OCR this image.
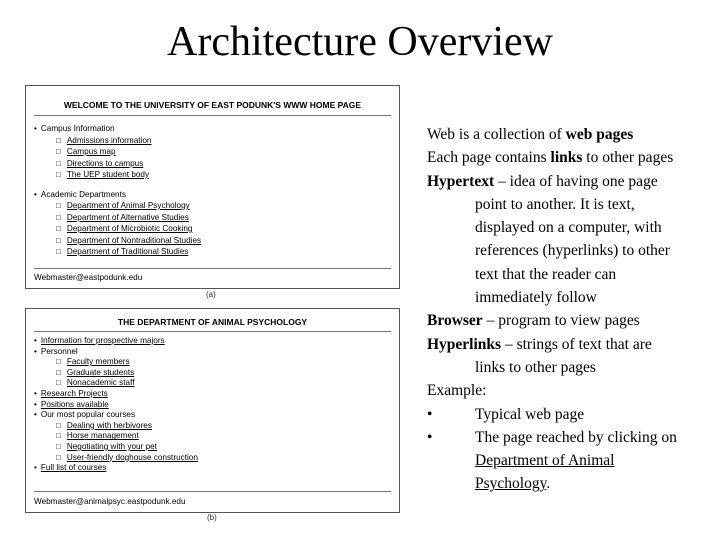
Architecture Overview
WELCOME TO THE UNIVERSITY OF EAST PODUNK'S WWW HOME PAGE
• Campus Information
□ Admissions information
□ Campus map
□ Directions to campus
□ The UEP student body
• Academic Departments
□ Department of Animal Psychology
□ Department of Alternative Studies
□ Department of Microbiotic Cooking
□ Department of Nontraditional Studies
□ Department of Traditional Studies
Webmaster@eastpodunk.edu
(a)
THE DEPARTMENT OF ANIMAL PSYCHOLOGY
• Information for prospective majors
• Personnel
□ Faculty members
□ Graduate students
□ Nonacademic staff
• Research Projects
• Positions available
• Our most popular courses
□ Dealing with herbivores
□ Horse management
□ Negotiating with your pet
□ User-friendly doghouse construction
• Full list of courses
Webmaster@animalpsyc.eastpodunk.edu
(b)

Web is a collection of web pages

Each page contains links to other pages

Hypertext – idea of having one page

point to another. It is text,

displayed on a computer, with

references (hyperlinks) to other

text that the reader can

immediately follow

Browser – program to view pages

Hyperlinks – strings of text that are

links to other pages

Example:

•	Typical web page

•	The page reached by clicking on

Department of Animal

Psychology.
